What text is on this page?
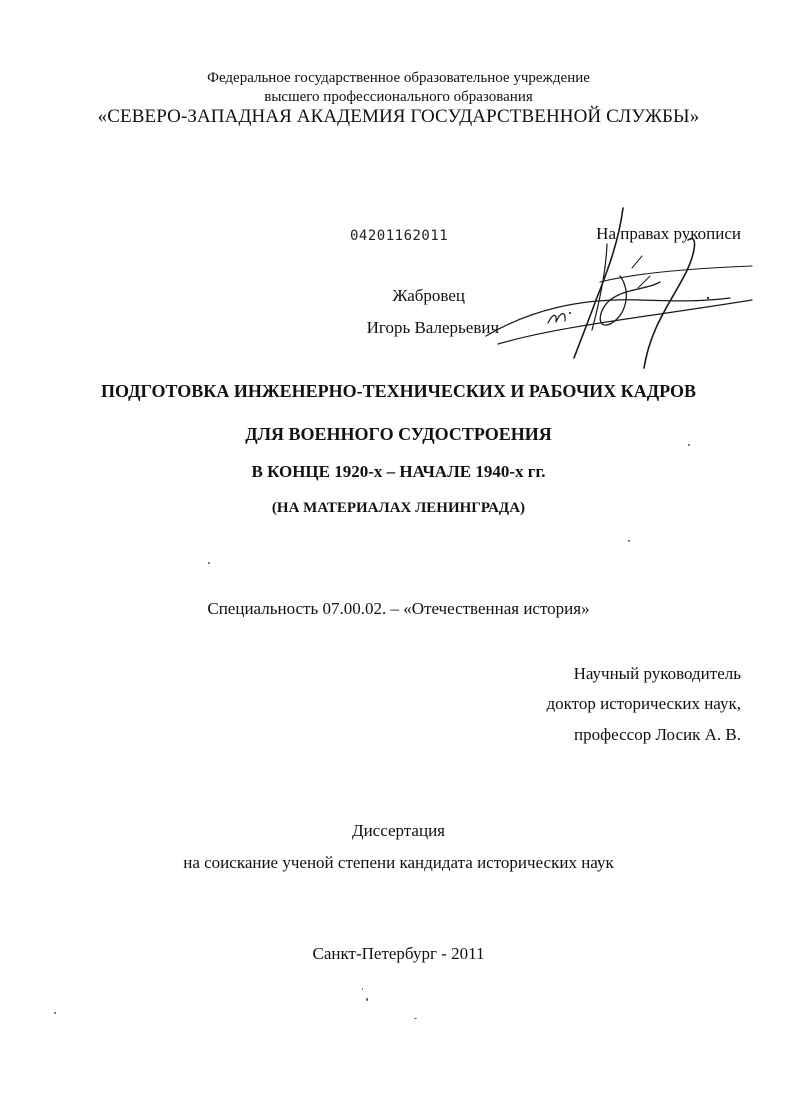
Федеральное государственное образовательное учреждение
высшего профессионального образования
«СЕВЕРО-ЗАПАДНАЯ АКАДЕМИЯ ГОСУДАРСТВЕННОЙ СЛУЖБЫ»
04201162011	На правах рукописи
Жабровец
Игорь Валерьевич
ПОДГОТОВКА ИНЖЕНЕРНО-ТЕХНИЧЕСКИХ И РАБОЧИХ КАДРОВ
ДЛЯ ВОЕННОГО СУДОСТРОЕНИЯ
В КОНЦЕ 1920-х – НАЧАЛЕ 1940-х гг.
(НА МАТЕРИАЛАХ ЛЕНИНГРАДА)
Специальность 07.00.02. – «Отечественная история»
Научный руководитель
доктор исторических наук,
профессор Лосик А. В.
Диссертация
на соискание ученой степени кандидата исторических наук
Санкт-Петербург - 2011
